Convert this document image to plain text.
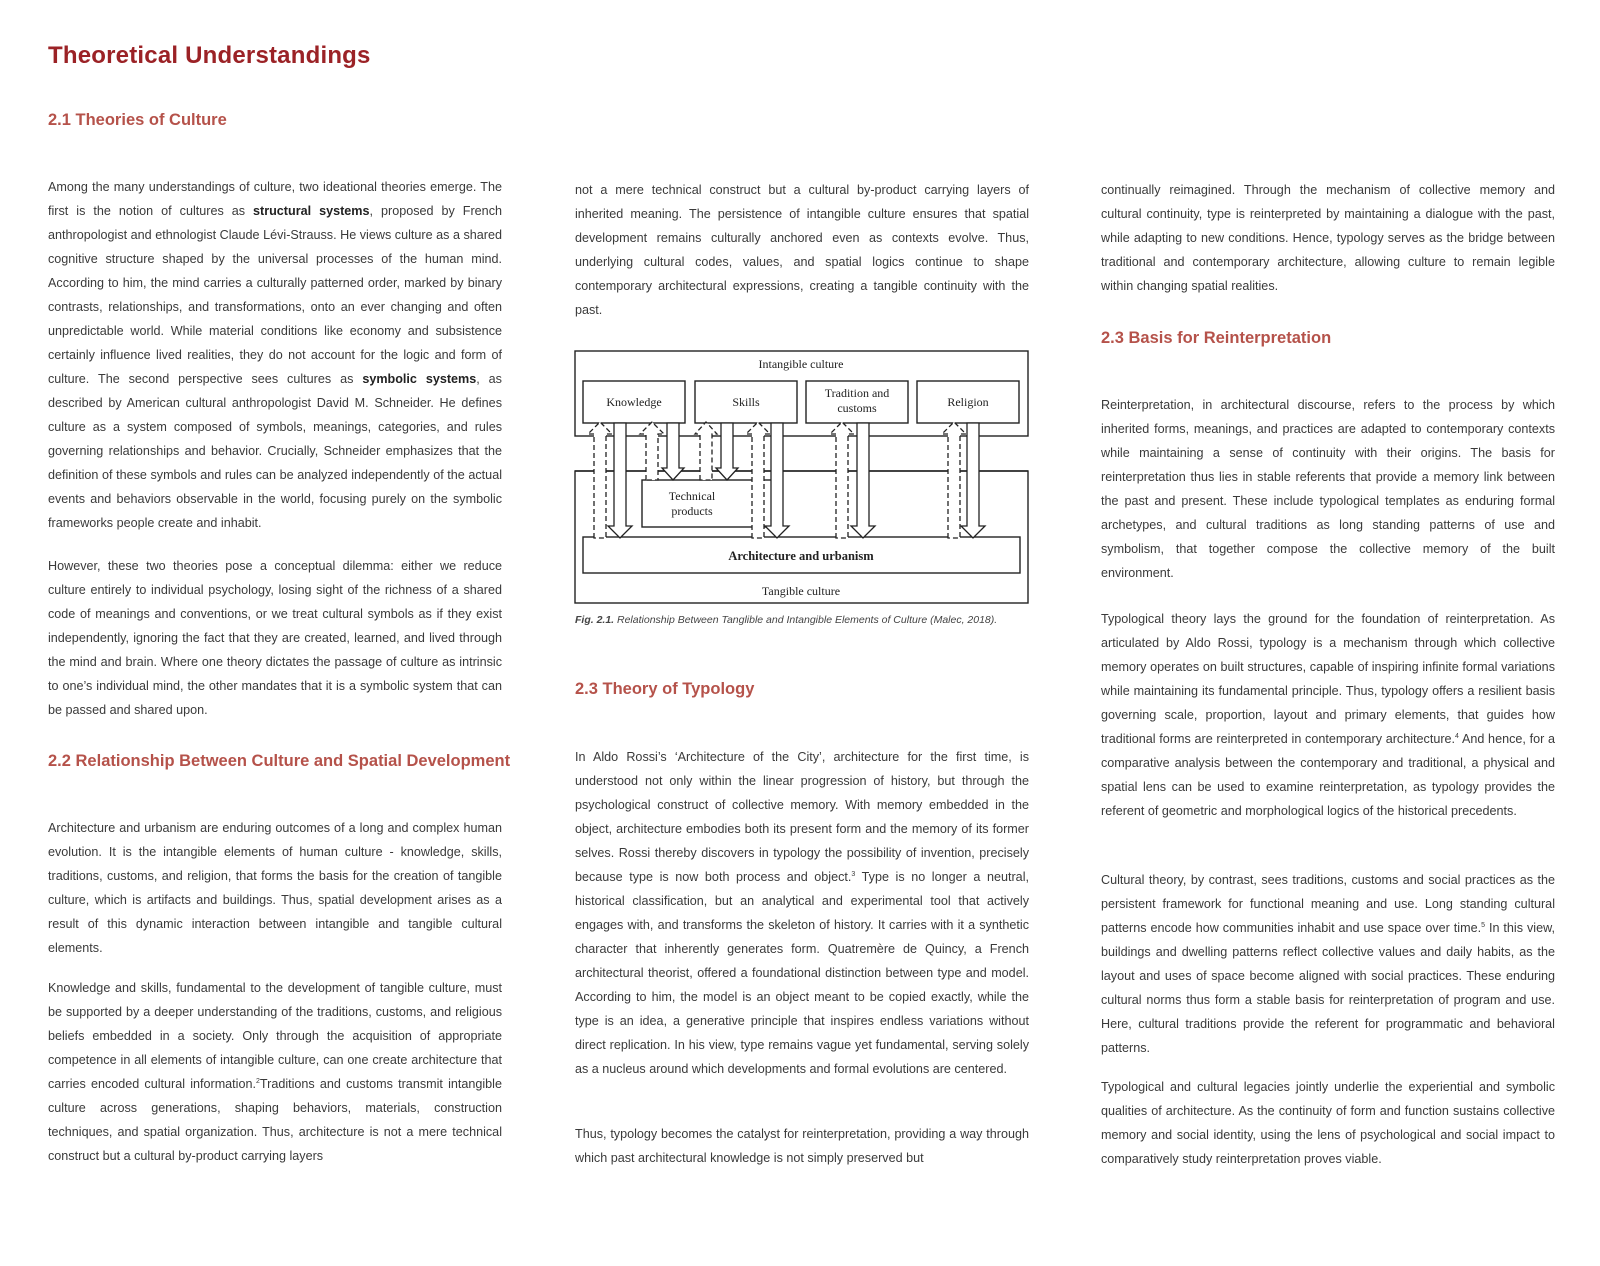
Theoretical Understandings
2.1 Theories of Culture

Among the many understandings of culture, two ideational theories emerge. The first is the notion of cultures as structural systems, proposed by French anthropologist and ethnologist Claude Lévi-Strauss. He views culture as a shared cognitive structure shaped by the universal processes of the human mind. According to him, the mind carries a culturally patterned order, marked by binary contrasts, relationships, and transformations, onto an ever changing and often unpredictable world. While material conditions like economy and subsistence certainly influence lived realities, they do not account for the logic and form of culture. The second perspective sees cultures as symbolic systems, as described by American cultural anthropologist David M. Schneider. He defines culture as a system composed of symbols, meanings, categories, and rules governing relationships and behavior. Crucially, Schneider emphasizes that the definition of these symbols and rules can be analyzed independently of the actual events and behaviors observable in the world, focusing purely on the symbolic frameworks people create and inhabit.

However, these two theories pose a conceptual dilemma: either we reduce culture entirely to individual psychology, losing sight of the richness of a shared code of meanings and conventions, or we treat cultural symbols as if they exist independently, ignoring the fact that they are created, learned, and lived through the mind and brain. Where one theory dictates the passage of culture as intrinsic to one’s individual mind, the other mandates that it is a symbolic system that can be passed and shared upon.

2.2 Relationship Between Culture and Spatial Development

Architecture and urbanism are enduring outcomes of a long and complex human evolution. It is the intangible elements of human culture - knowledge, skills, traditions, customs, and religion, that forms the basis for the creation of tangible culture, which is artifacts and buildings. Thus, spatial development arises as a result of this dynamic interaction between intangible and tangible cultural elements.

Knowledge and skills, fundamental to the development of tangible culture, must be supported by a deeper understanding of the traditions, customs, and religious beliefs embedded in a society. Only through the acquisition of appropriate competence in all elements of intangible culture, can one create architecture that carries encoded cultural information.$^2$Traditions and customs transmit intangible culture across generations, shaping behaviors, materials, construction techniques, and spatial organization. Thus, architecture is not a mere technical construct but a cultural by-product carrying layers

not a mere technical construct but a cultural by-product carrying layers of inherited meaning. The persistence of intangible culture ensures that spatial development remains culturally anchored even as contexts evolve. Thus, underlying cultural codes, values, and spatial logics continue to shape contemporary architectural expressions, creating a tangible continuity with the past.

Intangible culture
Tangible culture
Knowledge	Skills
Tradition and
customs	Religion
Technical
products
Architecture and urbanism
Fig. 2.1. Relationship Between Tanglible and Intangible Elements of Culture (Malec, 2018).
2.3 Theory of Typology

In Aldo Rossi’s ‘Architecture of the City’, architecture for the first time, is understood not only within the linear progression of history, but through the psychological construct of collective memory. With memory embedded in the object, architecture embodies both its present form and the memory of its former selves. Rossi thereby discovers in typology the possibility of invention, precisely because type is now both process and object.$^3$ Type is no longer a neutral, historical classification, but an analytical and experimental tool that actively engages with, and transforms the skeleton of history. It carries with it a synthetic character that inherently generates form. Quatremère de Quincy, a French architectural theorist, offered a foundational distinction between type and model. According to him, the model is an object meant to be copied exactly, while the type is an idea, a generative principle that inspires endless variations without direct replication. In his view, type remains vague yet fundamental, serving solely as a nucleus around which developments and formal evolutions are centered.

Thus, typology becomes the catalyst for reinterpretation, providing a way through which past architectural knowledge is not simply preserved but

continually reimagined. Through the mechanism of collective memory and cultural continuity, type is reinterpreted by maintaining a dialogue with the past, while adapting to new conditions. Hence, typology serves as the bridge between traditional and contemporary architecture, allowing culture to remain legible within changing spatial realities.

2.3 Basis for Reinterpretation

Reinterpretation, in architectural discourse, refers to the process by which inherited forms, meanings, and practices are adapted to contemporary contexts while maintaining a sense of continuity with their origins. The basis for reinterpretation thus lies in stable referents that provide a memory link between the past and present. These include typological templates as enduring formal archetypes, and cultural traditions as long standing patterns of use and symbolism, that together compose the collective memory of the built environment.

Typological theory lays the ground for the foundation of reinterpretation. As articulated by Aldo Rossi, typology is a mechanism through which collective memory operates on built structures, capable of inspiring infinite formal variations while maintaining its fundamental principle. Thus, typology offers a resilient basis governing scale, proportion, layout and primary elements, that guides how traditional forms are reinterpreted in contemporary architecture.$^4$ And hence, for a comparative analysis between the contemporary and traditional, a physical and spatial lens can be used to examine reinterpretation, as typology provides the referent of geometric and morphological logics of the historical precedents.

Cultural theory, by contrast, sees traditions, customs and social practices as the persistent framework for functional meaning and use. Long standing cultural patterns encode how communities inhabit and use space over time.$^5$ In this view, buildings and dwelling patterns reflect collective values and daily habits, as the layout and uses of space become aligned with social practices. These enduring cultural norms thus form a stable basis for reinterpretation of program and use. Here, cultural traditions provide the referent for programmatic and behavioral patterns.

Typological and cultural legacies jointly underlie the experiential and symbolic qualities of architecture. As the continuity of form and function sustains collective memory and social identity, using the lens of psychological and social impact to comparatively study reinterpretation proves viable.
